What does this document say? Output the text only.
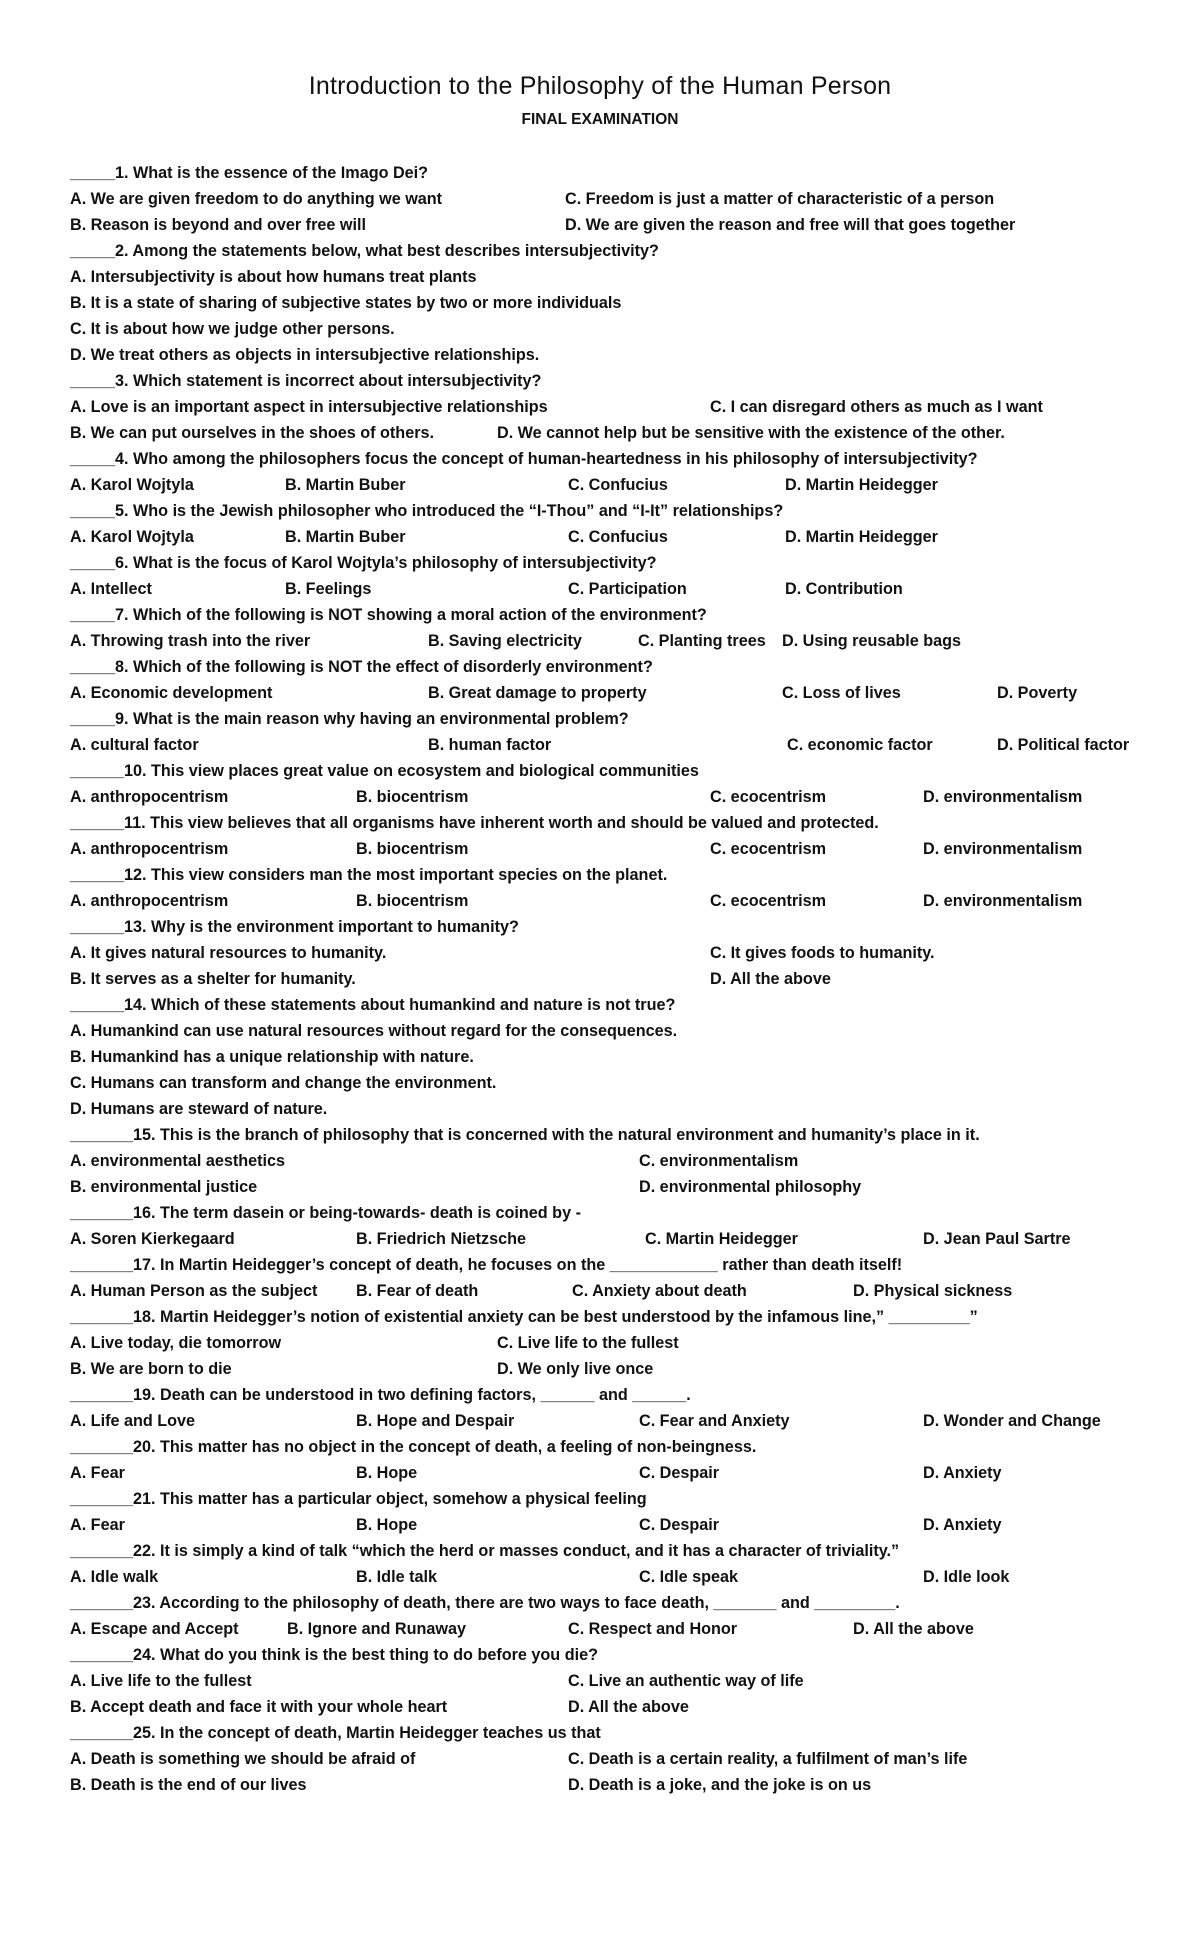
Introduction to the Philosophy of the Human Person
FINAL EXAMINATION
_____1. What is the essence of the Imago Dei?
A. We are given freedom to do anything we want	C. Freedom is just a matter of characteristic of a person
B. Reason is beyond and over free will	D. We are given the reason and free will that goes together
_____2. Among the statements below, what best describes intersubjectivity?
A. Intersubjectivity is about how humans treat plants
B. It is a state of sharing of subjective states by two or more individuals
C. It is about how we judge other persons.
D. We treat others as objects in intersubjective relationships.
_____3. Which statement is incorrect about intersubjectivity?
A. Love is an important aspect in intersubjective relationships	C. I can disregard others as much as I want
B. We can put ourselves in the shoes of others.	D. We cannot help but be sensitive with the existence of the other.
_____4. Who among the philosophers focus the concept of human-heartedness in his philosophy of intersubjectivity?
A. Karol Wojtyla	B. Martin Buber	C. Confucius	D. Martin Heidegger
_____5. Who is the Jewish philosopher who introduced the “I-Thou” and “I-It” relationships?
A. Karol Wojtyla	B. Martin Buber	C. Confucius	D. Martin Heidegger
_____6. What is the focus of Karol Wojtyla’s philosophy of intersubjectivity?
A. Intellect	B. Feelings	C. Participation	D. Contribution
_____7. Which of the following is NOT showing a moral action of the environment?
A. Throwing trash into the river	B. Saving electricity	C. Planting trees D. Using reusable bags
_____8. Which of the following is NOT the effect of disorderly environment?
A. Economic development	B. Great damage to property	C. Loss of lives	D. Poverty
_____9. What is the main reason why having an environmental problem?
A. cultural factor	B. human factor	C. economic factor	D. Political factor
______10. This view places great value on ecosystem and biological communities
A. anthropocentrism	B. biocentrism	C. ecocentrism	D. environmentalism
______11. This view believes that all organisms have inherent worth and should be valued and protected.
A. anthropocentrism	B. biocentrism	C. ecocentrism	D. environmentalism
______12. This view considers man the most important species on the planet.
A. anthropocentrism	B. biocentrism	C. ecocentrism	D. environmentalism
______13. Why is the environment important to humanity?
A. It gives natural resources to humanity.	C. It gives foods to humanity.
B. It serves as a shelter for humanity.	D. All the above
______14. Which of these statements about humankind and nature is not true?
A. Humankind can use natural resources without regard for the consequences.
B. Humankind has a unique relationship with nature.
C. Humans can transform and change the environment.
D. Humans are steward of nature.
_______15. This is the branch of philosophy that is concerned with the natural environment and humanity’s place in it.
A. environmental aesthetics	C. environmentalism
B. environmental justice	D. environmental philosophy
_______16. The term dasein or being-towards- death is coined by -
A. Soren Kierkegaard	B. Friedrich Nietzsche	C. Martin Heidegger	D. Jean Paul Sartre
_______17. In Martin Heidegger’s concept of death, he focuses on the ____________ rather than death itself!
A. Human Person as the subject B. Fear of death	C. Anxiety about death	D. Physical sickness
_______18. Martin Heidegger’s notion of existential anxiety can be best understood by the infamous line,” _________”
A. Live today, die tomorrow	C. Live life to the fullest
B. We are born to die	D. We only live once
_______19. Death can be understood in two defining factors, ______ and ______.
A. Life and Love	B. Hope and Despair	C. Fear and Anxiety	D. Wonder and Change
_______20. This matter has no object in the concept of death, a feeling of non-beingness.
A. Fear	B. Hope	C. Despair	D. Anxiety
_______21. This matter has a particular object, somehow a physical feeling
A. Fear	B. Hope	C. Despair	D. Anxiety
_______22. It is simply a kind of talk “which the herd or masses conduct, and it has a character of triviality.”
A. Idle walk	B. Idle talk	C. Idle speak	D. Idle look
_______23. According to the philosophy of death, there are two ways to face death, _______ and _________.
A. Escape and Accept	B. Ignore and Runaway	C. Respect and Honor	D. All the above
_______24. What do you think is the best thing to do before you die?
A. Live life to the fullest	C. Live an authentic way of life
B. Accept death and face it with your whole heart	D. All the above
_______25. In the concept of death, Martin Heidegger teaches us that
A. Death is something we should be afraid of	C. Death is a certain reality, a fulfilment of man’s life
B. Death is the end of our lives	D. Death is a joke, and the joke is on us
